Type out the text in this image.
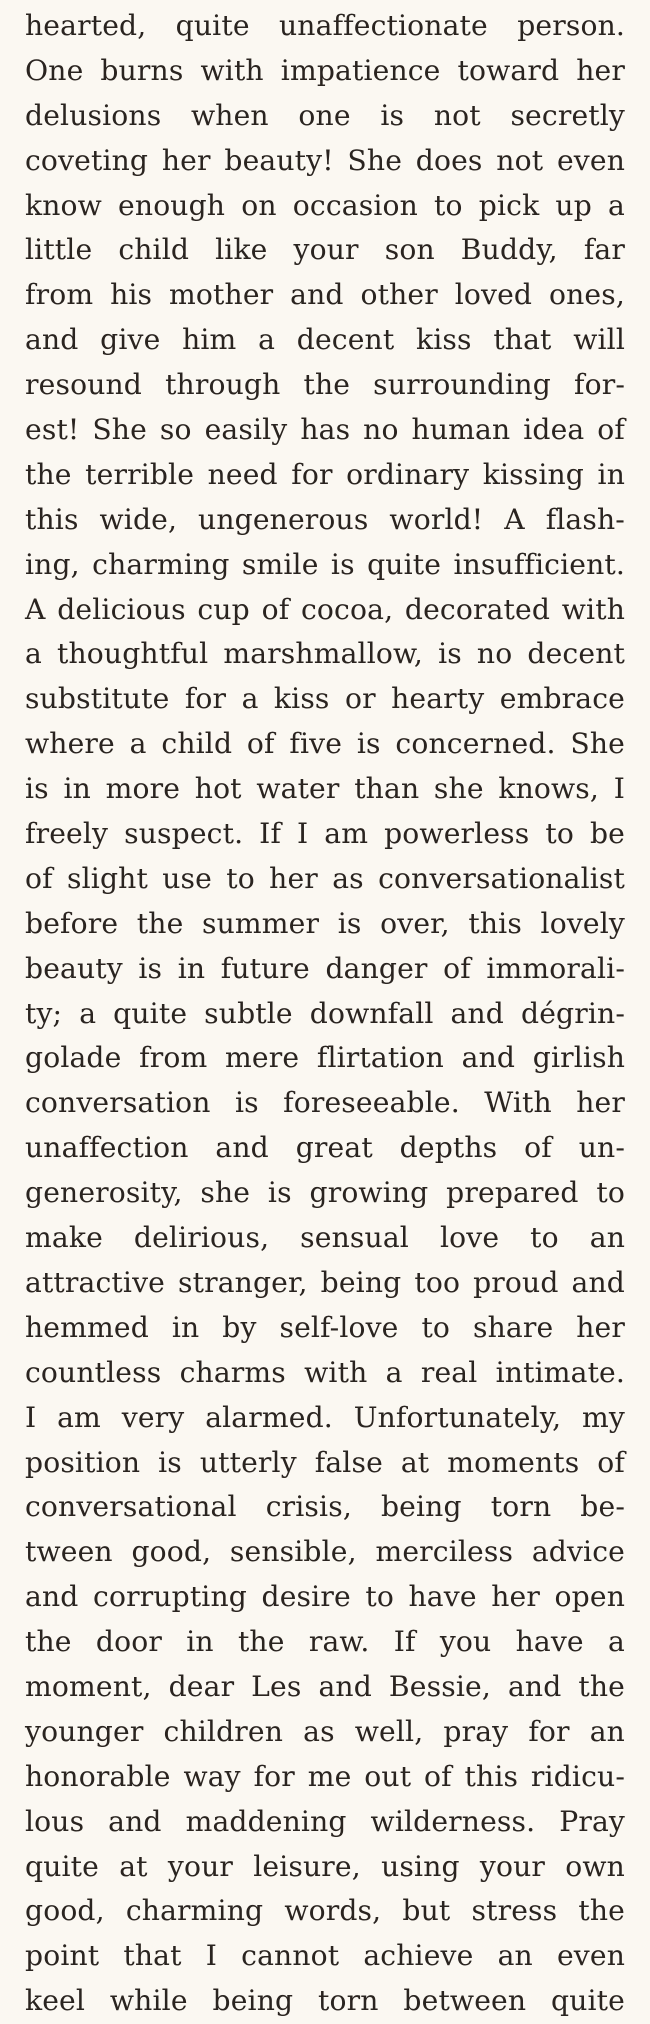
hearted, quite unaffectionate person.
One burns with impatience toward her
delusions when one is not secretly
coveting her beauty! She does not even
know enough on occasion to pick up a
little child like your son Buddy, far
from his mother and other loved ones,
and give him a decent kiss that will
resound through the surrounding for-
est! She so easily has no human idea of
the terrible need for ordinary kissing in
this wide, ungenerous world! A flash-
ing, charming smile is quite insufficient.
A delicious cup of cocoa, decorated with
a thoughtful marshmallow, is no decent
substitute for a kiss or hearty embrace
where a child of five is concerned. She
is in more hot water than she knows, I
freely suspect. If I am powerless to be
of slight use to her as conversationalist
before the summer is over, this lovely
beauty is in future danger of immorali-
ty; a quite subtle downfall and dégrin-
golade from mere flirtation and girlish
conversation is foreseeable. With her
unaffection and great depths of un-
generosity, she is growing prepared to
make delirious, sensual love to an
attractive stranger, being too proud and
hemmed in by self-love to share her
countless charms with a real intimate.
I am very alarmed. Unfortunately, my
position is utterly false at moments of
conversational crisis, being torn be-
tween good, sensible, merciless advice
and corrupting desire to have her open
the door in the raw. If you have a
moment, dear Les and Bessie, and the
younger children as well, pray for an
honorable way for me out of this ridicu-
lous and maddening wilderness. Pray
quite at your leisure, using your own
good, charming words, but stress the
point that I cannot achieve an even
keel while being torn between quite
